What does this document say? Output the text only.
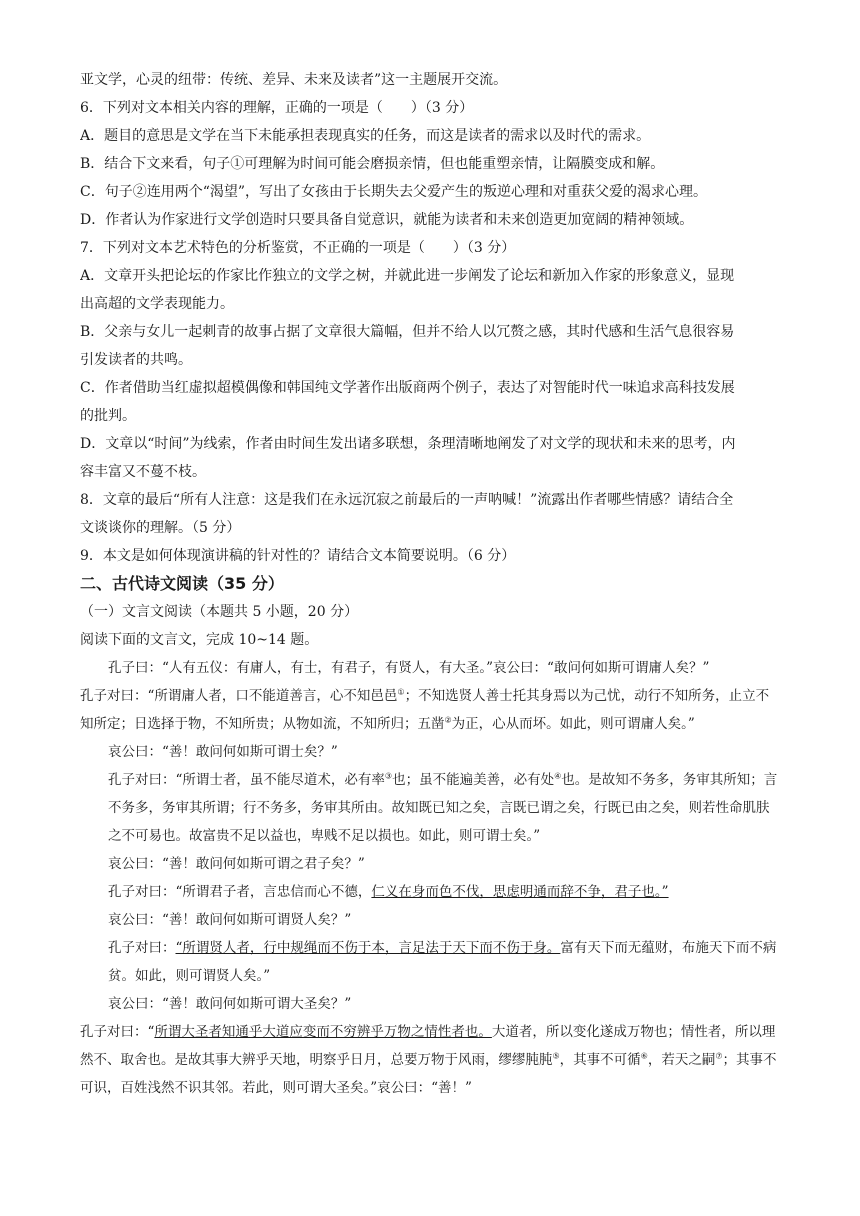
亚文学，心灵的纽带：传统、差异、未来及读者”这一主题展开交流。
6．下列对文本相关内容的理解，正确的一项是（　　）（3 分）
A．题目的意思是文学在当下未能承担表现真实的任务，而这是读者的需求以及时代的需求。
B．结合下文来看，句子①可理解为时间可能会磨损亲情，但也能重塑亲情，让隔膜变成和解。
C．句子②连用两个“渴望”，写出了女孩由于长期失去父爱产生的叛逆心理和对重获父爱的渴求心理。
D．作者认为作家进行文学创造时只要具备自觉意识，就能为读者和未来创造更加宽阔的精神领域。
7．下列对文本艺术特色的分析鉴赏，不正确的一项是（　　）（3 分）
A．文章开头把论坛的作家比作独立的文学之树，并就此进一步阐发了论坛和新加入作家的形象意义，显现
出高超的文学表现能力。
B．父亲与女儿一起刺青的故事占据了文章很大篇幅，但并不给人以冗赘之感，其时代感和生活气息很容易
引发读者的共鸣。
C．作者借助当红虚拟超模偶像和韩国纯文学著作出版商两个例子，表达了对智能时代一味追求高科技发展
的批判。
D．文章以“时间”为线索，作者由时间生发出诸多联想，条理清晰地阐发了对文学的现状和未来的思考，内
容丰富又不蔓不枝。
8．文章的最后“所有人注意：这是我们在永远沉寂之前最后的一声呐喊！”流露出作者哪些情感？请结合全
文谈谈你的理解。（5 分）
9．本文是如何体现演讲稿的针对性的？请结合文本简要说明。（6 分）
二、古代诗文阅读（35 分）
（一）文言文阅读（本题共 5 小题，20 分）
阅读下面的文言文，完成 10~14 题。
孔子曰：“人有五仪：有庸人，有士，有君子，有贤人，有大圣。”哀公曰：“敢问何如斯可谓庸人矣？”
孔子对曰：“所谓庸人者，口不能道善言，心不知邑邑①；不知选贤人善士托其身焉以为己忧，动行不知所务，止立不知所定；日选择于物，不知所贵；从物如流，不知所归；五凿②为正，心从而坏。如此，则可谓庸人矣。”
哀公曰：“善！敢问何如斯可谓士矣？”
孔子对曰：“所谓士者，虽不能尽道术，必有率③也；虽不能遍美善，必有处④也。是故知不务多，务审其所知；言不务多，务审其所谓；行不务多，务审其所由。故知既已知之矣，言既已谓之矣，行既已由之矣，则若性命肌肤之不可易也。故富贵不足以益也，卑贱不足以损也。如此，则可谓士矣。”
哀公曰：“善！敢问何如斯可谓之君子矣？”
孔子对曰：“所谓君子者，言忠信而心不德，仁义在身而色不伐，思虑明通而辞不争，君子也。”
哀公曰：“善！敢问何如斯可谓贤人矣？”
孔子对曰：“所谓贤人者，行中规绳而不伤于本，言足法于天下而不伤于身。富有天下而无蕴财，布施天下而不病贫。如此，则可谓贤人矣。”
哀公曰：“善！敢问何如斯可谓大圣矣？”
孔子对曰：“所谓大圣者知通乎大道应变而不穷辨乎万物之情性者也。大道者，所以变化遂成万物也；情性者，所以理然不、取舍也。是故其事大辨乎天地，明察乎日月，总要万物于风雨，缪缪肫肫⑤，其事不可循⑥，若天之嗣⑦；其事不可识，百姓浅然不识其邻。若此，则可谓大圣矣。”哀公曰：“善！”
